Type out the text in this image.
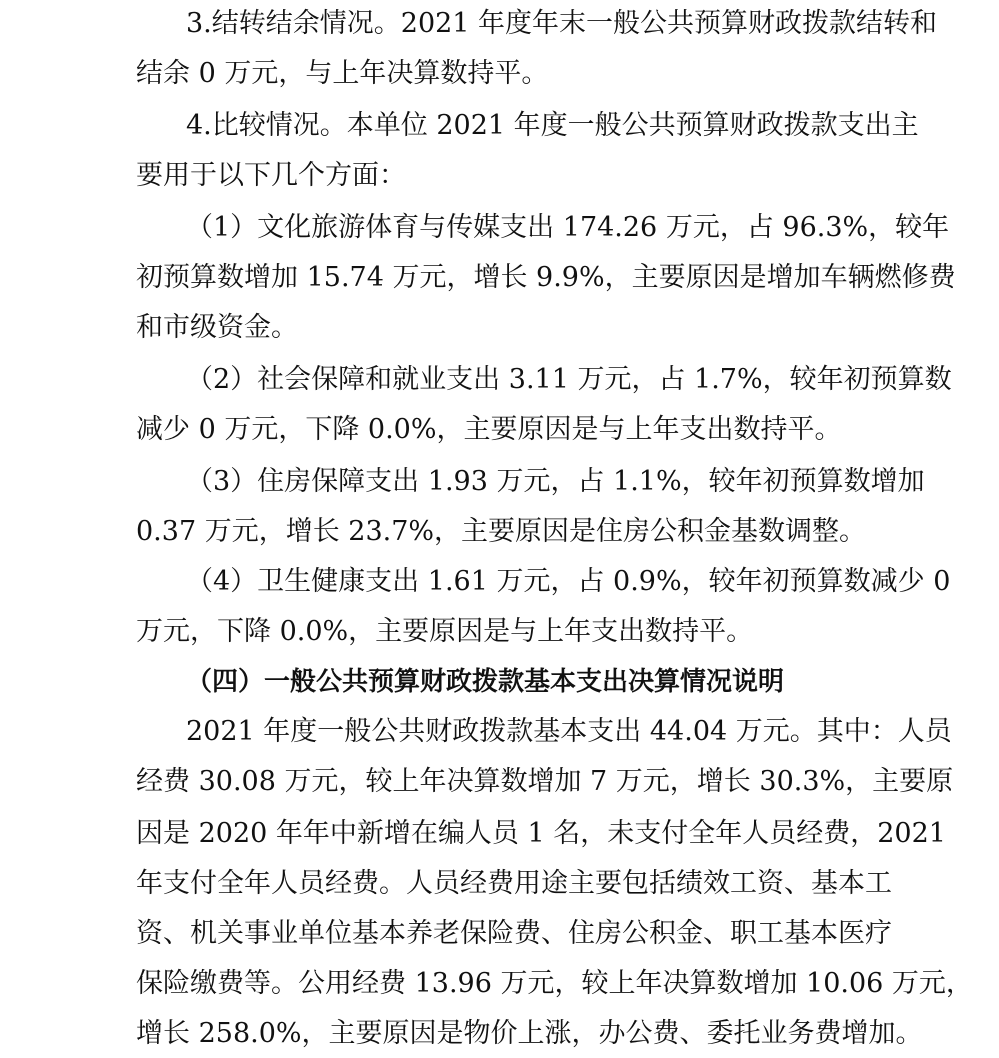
3.结转结余情况。2021 年度年末一般公共预算财政拨款结转和
结余 0 万元，与上年决算数持平。
4.比较情况。本单位 2021 年度一般公共预算财政拨款支出主
要用于以下几个方面：
（1）文化旅游体育与传媒支出 174.26 万元，占 96.3%，较年
初预算数增加 15.74 万元，增长 9.9%，主要原因是增加车辆燃修费
和市级资金。
（2）社会保障和就业支出 3.11 万元，占 1.7%，较年初预算数
减少 0 万元，下降 0.0%，主要原因是与上年支出数持平。
（3）住房保障支出 1.93 万元，占 1.1%，较年初预算数增加
0.37 万元，增长 23.7%，主要原因是住房公积金基数调整。
（4）卫生健康支出 1.61 万元，占 0.9%，较年初预算数减少 0
万元，下降 0.0%，主要原因是与上年支出数持平。
（四）一般公共预算财政拨款基本支出决算情况说明
2021 年度一般公共财政拨款基本支出 44.04 万元。其中：人员
经费 30.08 万元，较上年决算数增加 7 万元，增长 30.3%，主要原
因是 2020 年年中新增在编人员 1 名，未支付全年人员经费，2021
年支付全年人员经费。人员经费用途主要包括绩效工资、基本工
资、机关事业单位基本养老保险费、住房公积金、职工基本医疗
保险缴费等。公用经费 13.96 万元，较上年决算数增加 10.06 万元，
增长 258.0%，主要原因是物价上涨，办公费、委托业务费增加。
